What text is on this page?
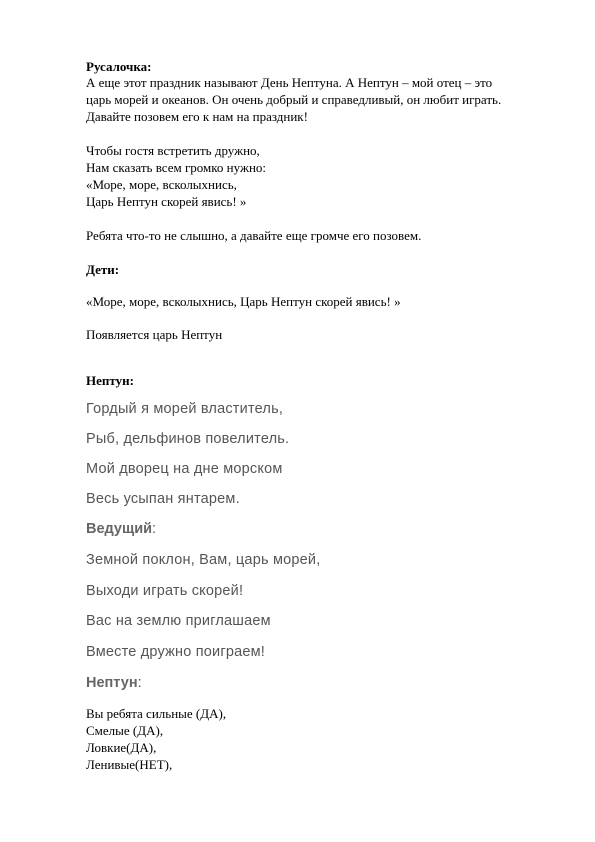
Русалочка:
А еще этот праздник называют День Нептуна. А Нептун – мой отец – это
царь морей и океанов. Он очень добрый и справедливый, он любит играть.
Давайте позовем его к нам на праздник!
Чтобы гостя встретить дружно,
Нам сказать всем громко нужно:
«Море, море, всколыхнись,
Царь Нептун скорей явись! »
Ребята что-то не слышно, а давайте еще громче его позовем.
Дети:
«Море, море, всколыхнись, Царь Нептун скорей явись! »
Появляется царь Нептун
Нептун:
Гордый я морей властитель,
Рыб, дельфинов повелитель.
Мой дворец на дне морском
Весь усыпан янтарем.
Ведущий:
Земной поклон, Вам, царь морей,
Выходи играть скорей!
Вас на землю приглашаем
Вместе дружно поиграем!
Нептун:
Вы ребята сильные (ДА),
Смелые (ДА),
Ловкие(ДА),
Ленивые(НЕТ),
